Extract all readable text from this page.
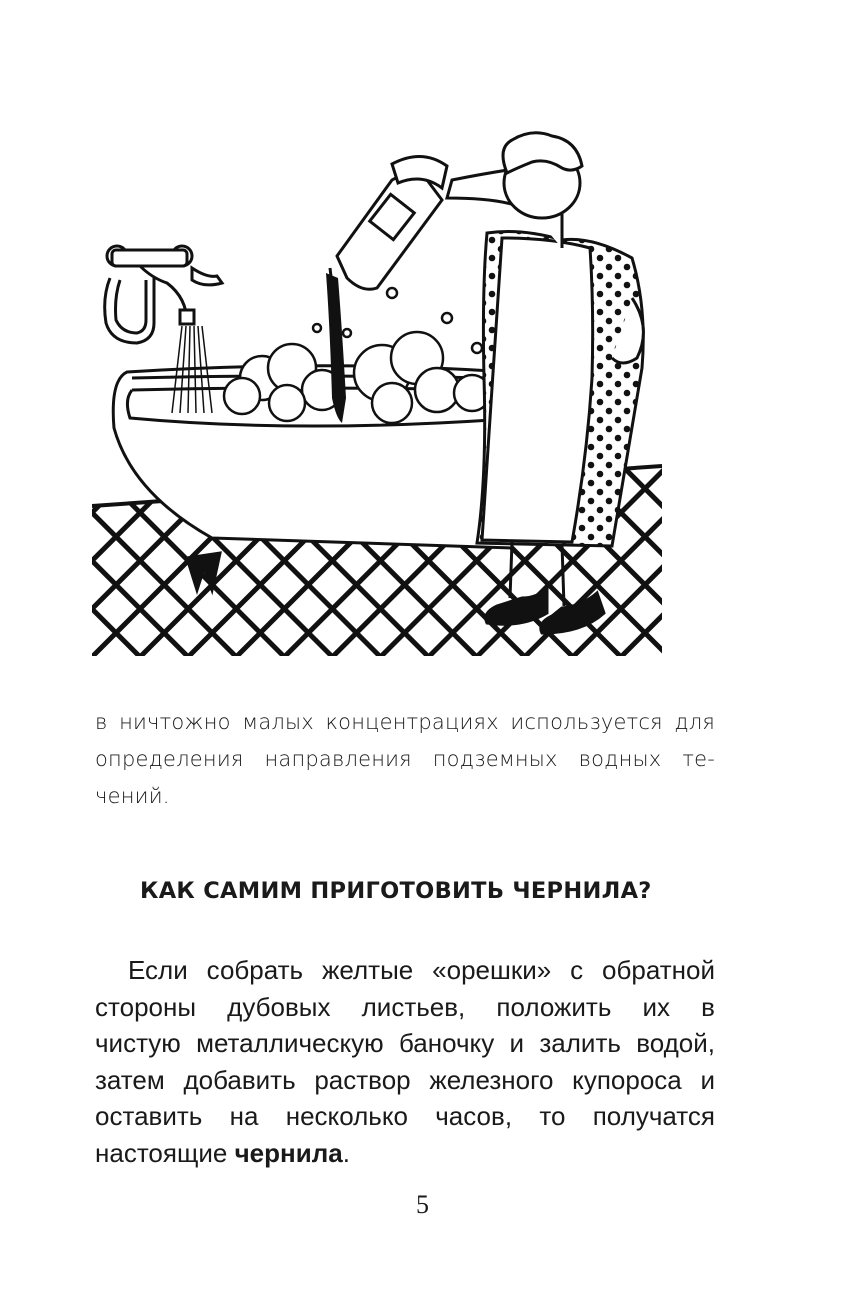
в ничтожно малых концентрациях используется для

определения направления подземных водных те-

чений.

КАК САМИМ ПРИГОТОВИТЬ ЧЕРНИЛА?

Если собрать желтые «орешки» с обратной

стороны дубовых листьев, положить их в

чистую металлическую баночку и залить водой,

затем добавить раствор железного купороса и

оставить на несколько часов, то получатся

настоящие чернила.

5
